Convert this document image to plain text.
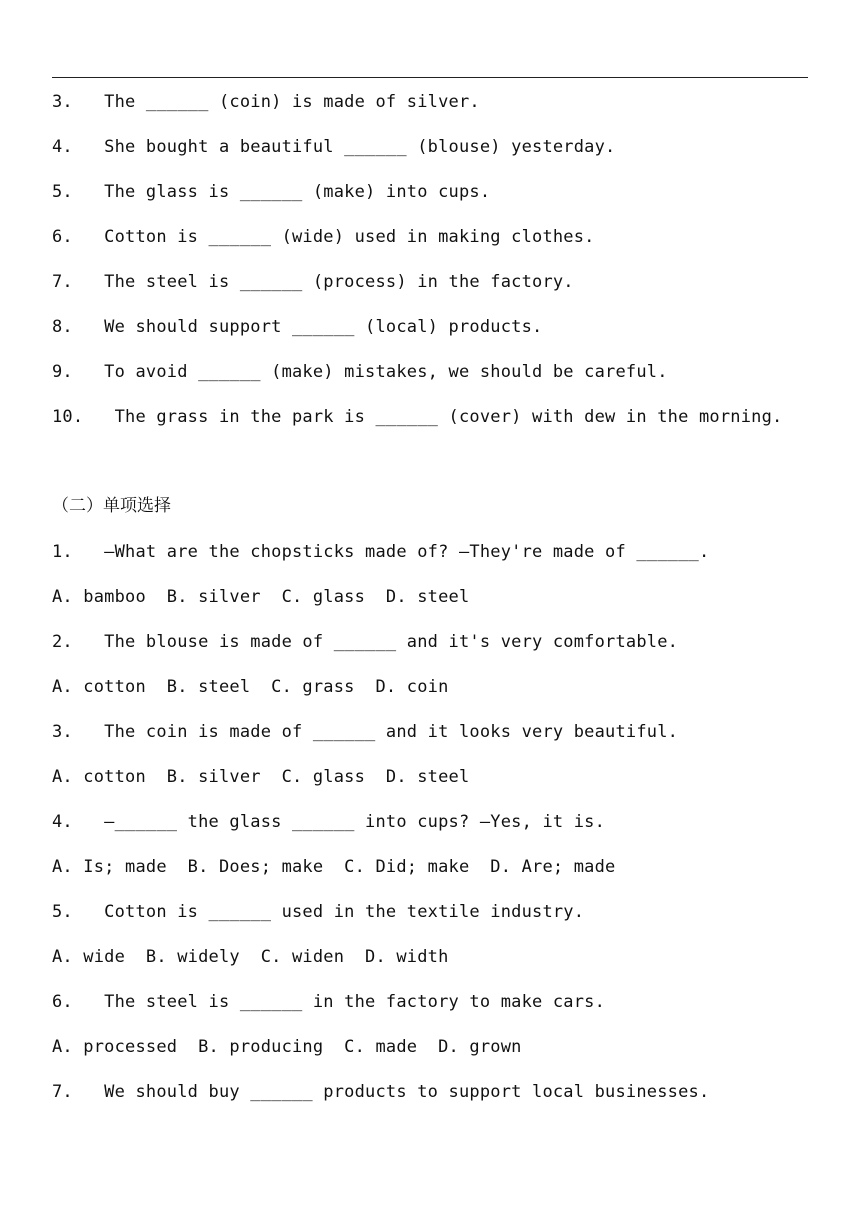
3.   The ______ (coin) is made of silver.
4.   She bought a beautiful ______ (blouse) yesterday.
5.   The glass is ______ (make) into cups.
6.   Cotton is ______ (wide) used in making clothes.
7.   The steel is ______ (process) in the factory.
8.   We should support ______ (local) products.
9.   To avoid ______ (make) mistakes, we should be careful.
10.   The grass in the park is ______ (cover) with dew in the morning.
（二）单项选择
1.   —What are the chopsticks made of? —They're made of ______.
A. bamboo  B. silver  C. glass  D. steel
2.   The blouse is made of ______ and it's very comfortable.
A. cotton  B. steel  C. grass  D. coin
3.   The coin is made of ______ and it looks very beautiful.
A. cotton  B. silver  C. glass  D. steel
4.   —______ the glass ______ into cups? —Yes, it is.
A. Is; made  B. Does; make  C. Did; make  D. Are; made
5.   Cotton is ______ used in the textile industry.
A. wide  B. widely  C. widen  D. width
6.   The steel is ______ in the factory to make cars.
A. processed  B. producing  C. made  D. grown
7.   We should buy ______ products to support local businesses.
